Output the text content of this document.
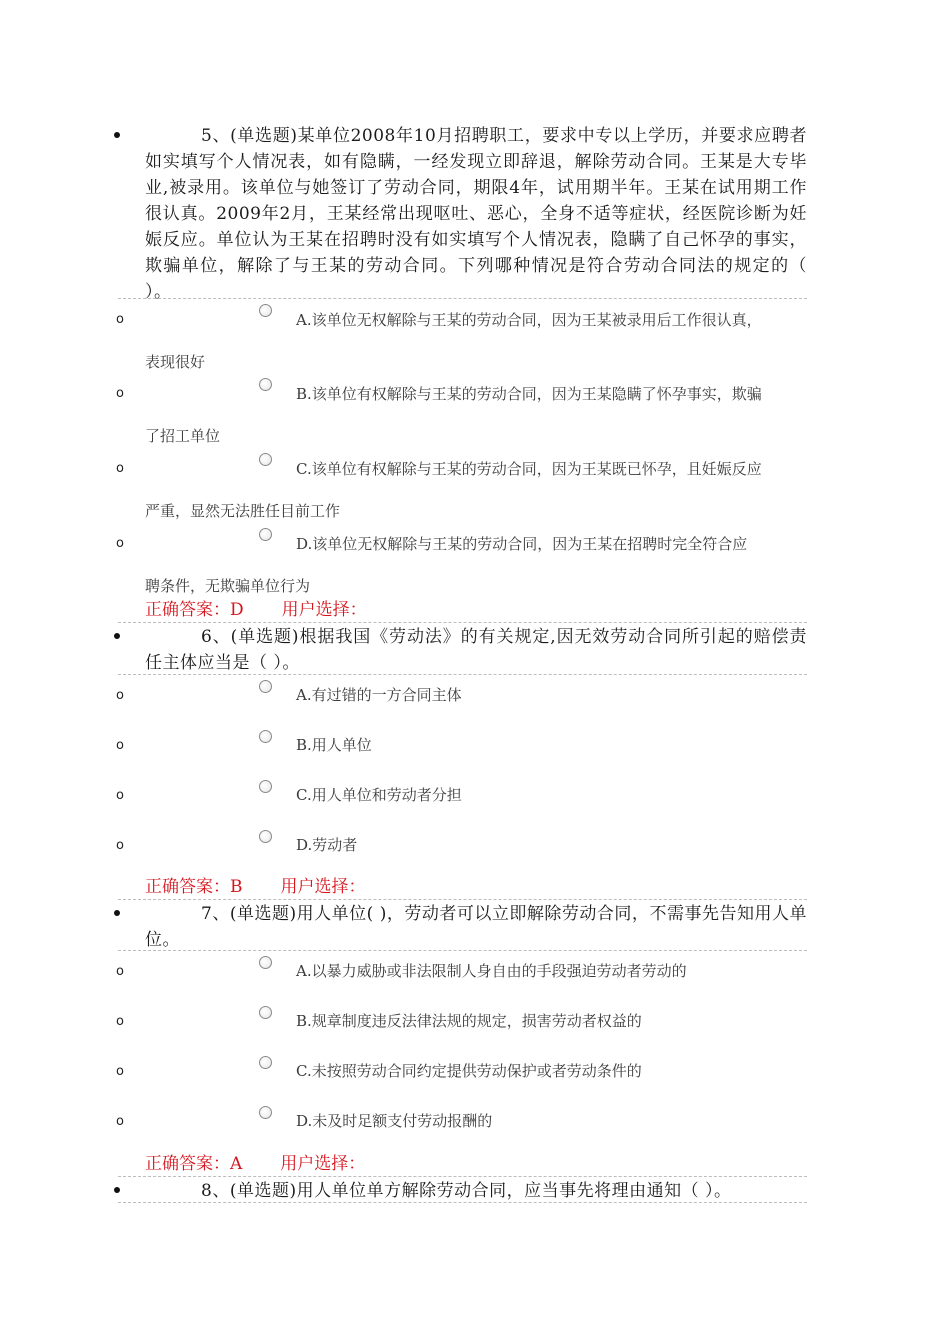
5、(单选题)某单位2008年10月招聘职工，要求中专以上学历，并要求应聘者如实填写个人情况表，如有隐瞒，一经发现立即辞退，解除劳动合同。王某是大专毕业,被录用。该单位与她签订了劳动合同，期限4年，试用期半年。王某在试用期工作很认真。2009年2月，王某经常出现呕吐、恶心，全身不适等症状，经医院诊断为妊娠反应。单位认为王某在招聘时没有如实填写个人情况表，隐瞒了自己怀孕的事实，欺骗单位，解除了与王某的劳动合同。下列哪种情况是符合劳动合同法的规定的（ ）。
o	A.该单位无权解除与王某的劳动合同，因为王某被录用后工作很认真，
表现很好
o	B.该单位有权解除与王某的劳动合同，因为王某隐瞒了怀孕事实，欺骗
了招工单位
o	C.该单位有权解除与王某的劳动合同，因为王某既已怀孕，且妊娠反应
严重，显然无法胜任目前工作
o	D.该单位无权解除与王某的劳动合同，因为王某在招聘时完全符合应
聘条件，无欺骗单位行为
正确答案：D 用户选择：
6、(单选题)根据我国《劳动法》的有关规定,因无效劳动合同所引起的赔偿责任主体应当是（ ）。
o	A.有过错的一方合同主体
o	B.用人单位
o	C.用人单位和劳动者分担
o	D.劳动者
正确答案：B 用户选择：
7、(单选题)用人单位( )，劳动者可以立即解除劳动合同，不需事先告知用人单位。
o	A.以暴力威胁或非法限制人身自由的手段强迫劳动者劳动的
o	B.规章制度违反法律法规的规定，损害劳动者权益的
o	C.未按照劳动合同约定提供劳动保护或者劳动条件的
o	D.未及时足额支付劳动报酬的
正确答案：A 用户选择：
8、(单选题)用人单位单方解除劳动合同，应当事先将理由通知（ ）。
